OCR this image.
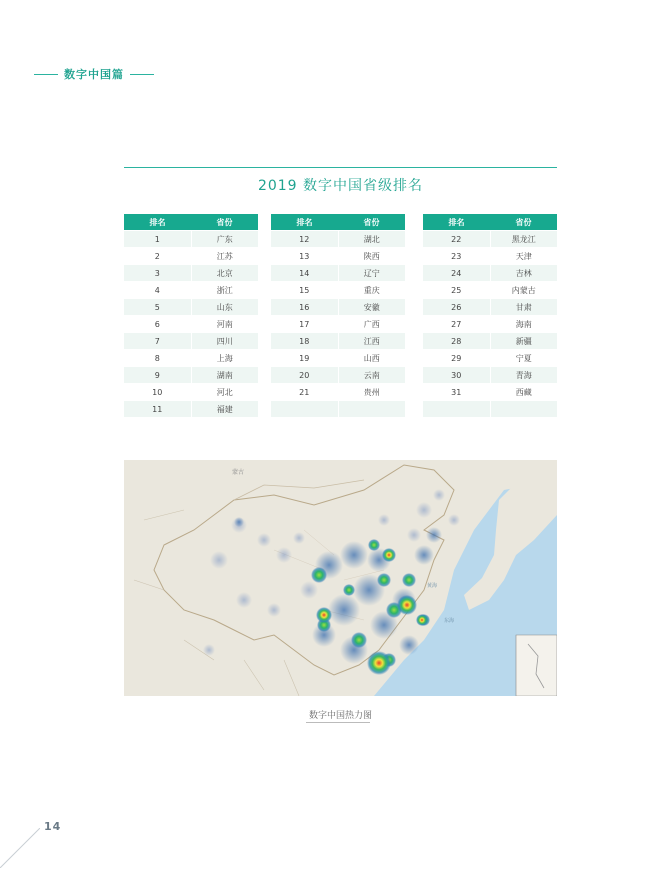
数字中国篇
2019 数字中国省级排名
排名	省份
1	广东
2	江苏
3	北京
4	浙江
5	山东
6	河南
7	四川
8	上海
9	湖南
10	河北
11	福建
排名	省份
12	湖北
13	陕西
14	辽宁
15	重庆
16	安徽
17	广西
18	江西
19	山西
20	云南
21	贵州

排名	省份
22	黑龙江
23	天津
24	吉林
25	内蒙古
26	甘肃
27	海南
28	新疆
29	宁夏
30	青海
31	西藏

蒙古
黄海
东海
数字中国热力图
14
